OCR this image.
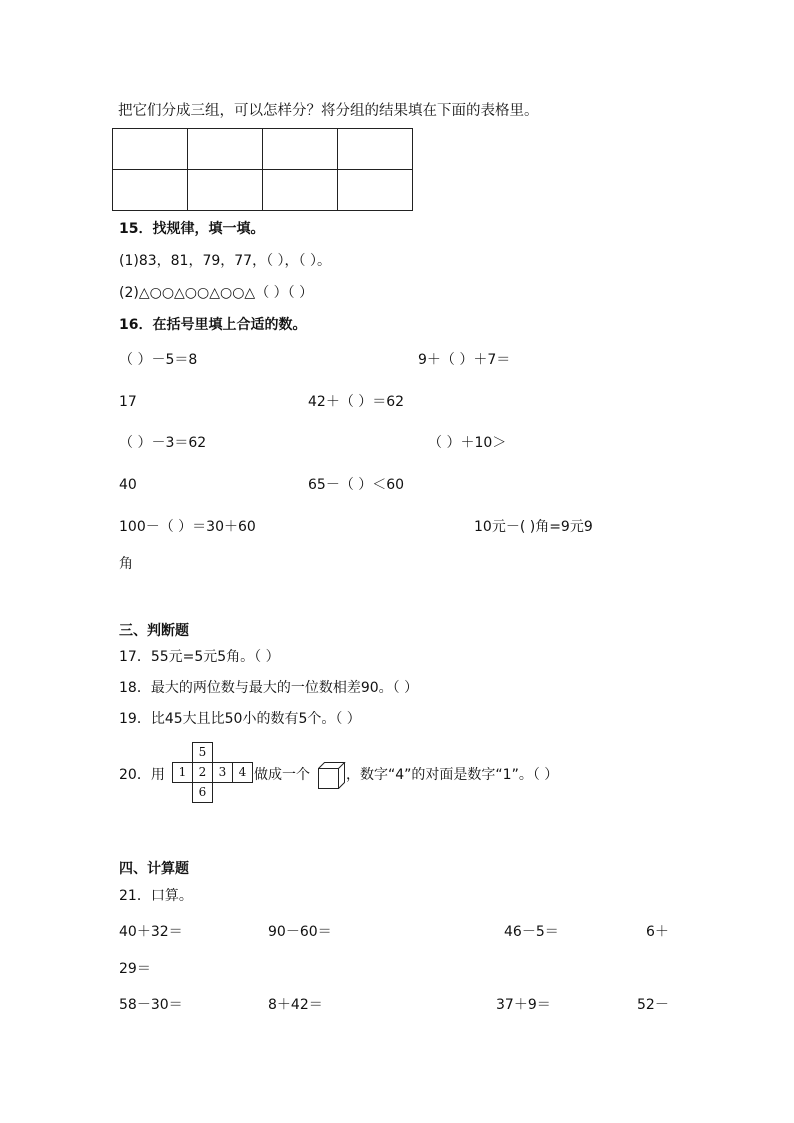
把它们分成三组，可以怎样分？将分组的结果填在下面的表格里。

15．找规律，填一填。
(1)83，81，79，77，（ ），（ ）。
(2)△○○△○○△○○△（ ）（ ）
16．在括号里填上合适的数。
（ ）－5＝8	9＋（ ）＋7＝
17	42＋（ ）＝62
（ ）－3＝62	（ ）＋10＞
40	65－（ ）＜60
100－（ ）＝30＋60	10元－( )角=9元9
角
三、判断题
17．55元=5元5角。（ ）
18．最大的两位数与最大的一位数相差90。（ ）
19．比45大且比50小的数有5个。（ ）
20．用
5
1	2	3	4
6
做成一个	，数字“4”的对面是数字“1”。（ ）
四、计算题
21．口算。
40＋32＝	90－60＝	46－5＝	6＋
29＝
58－30＝	8＋42＝	37＋9＝	52－
